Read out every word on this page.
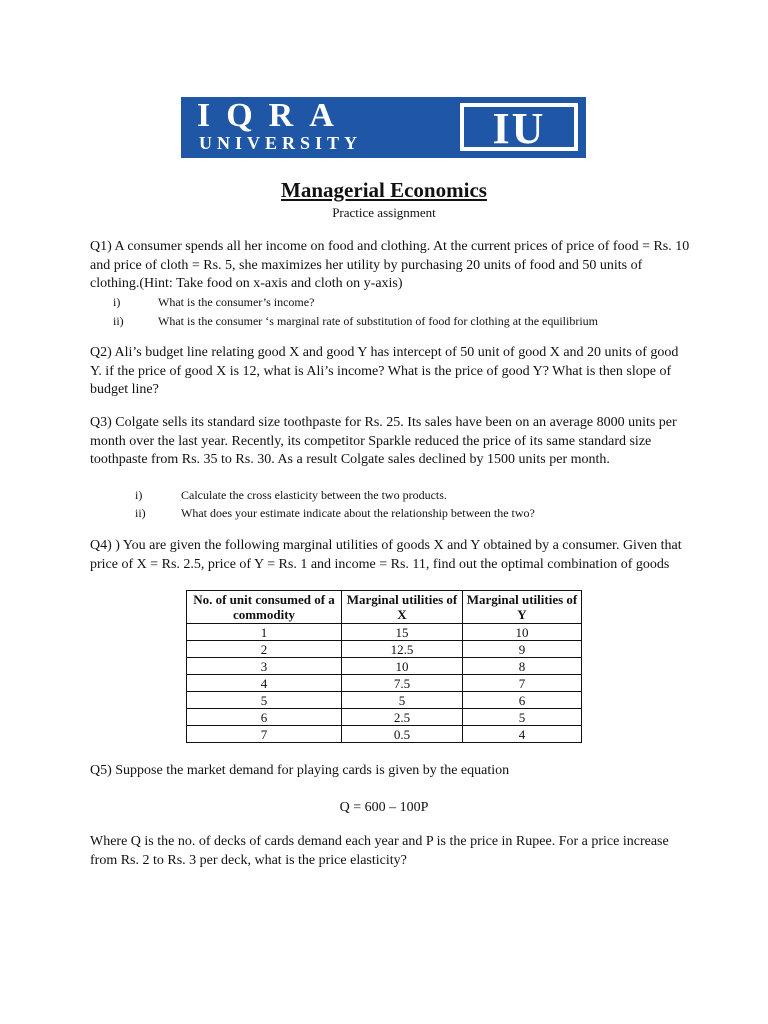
IQRA
UNIVERSITY	IU
Managerial Economics
Practice assignment
Q1) A consumer spends all her income on food and clothing. At the current prices of price of food = Rs. 10 and price of cloth = Rs. 5, she maximizes her utility by purchasing 20 units of food and 50 units of clothing.(Hint: Take food on x-axis and cloth on y-axis)
i)	What is the consumer’s income?
ii)	What is the consumer ‘s marginal rate of substitution of food for clothing at the equilibrium
Q2) Ali’s budget line relating good X and good Y has intercept of 50 unit of good X and 20 units of good Y. if the price of good X is 12, what is Ali’s income? What is the price of good Y? What is then slope of budget line?
Q3) Colgate sells its standard size toothpaste for Rs. 25. Its sales have been on an average 8000 units per month over the last year. Recently, its competitor Sparkle reduced the price of its same standard size toothpaste from Rs. 35 to Rs. 30. As a result Colgate sales declined by 1500 units per month.
i)	Calculate the cross elasticity between the two products.
ii)	What does your estimate indicate about the relationship between the two?
Q4) ) You are given the following marginal utilities of goods X and Y obtained by a consumer. Given that price of X = Rs. 2.5, price of Y = Rs. 1 and income = Rs. 11, find out the optimal combination of goods
No. of unit consumed of a commodity	Marginal utilities of X	Marginal utilities of Y
1	15	10
2	12.5	9
3	10	8
4	7.5	7
5	5	6
6	2.5	5
7	0.5	4
Q5) Suppose the market demand for playing cards is given by the equation
Q = 600 – 100P
Where Q is the no. of decks of cards demand each year and P is the price in Rupee. For a price increase from Rs. 2 to Rs. 3 per deck, what is the price elasticity?
